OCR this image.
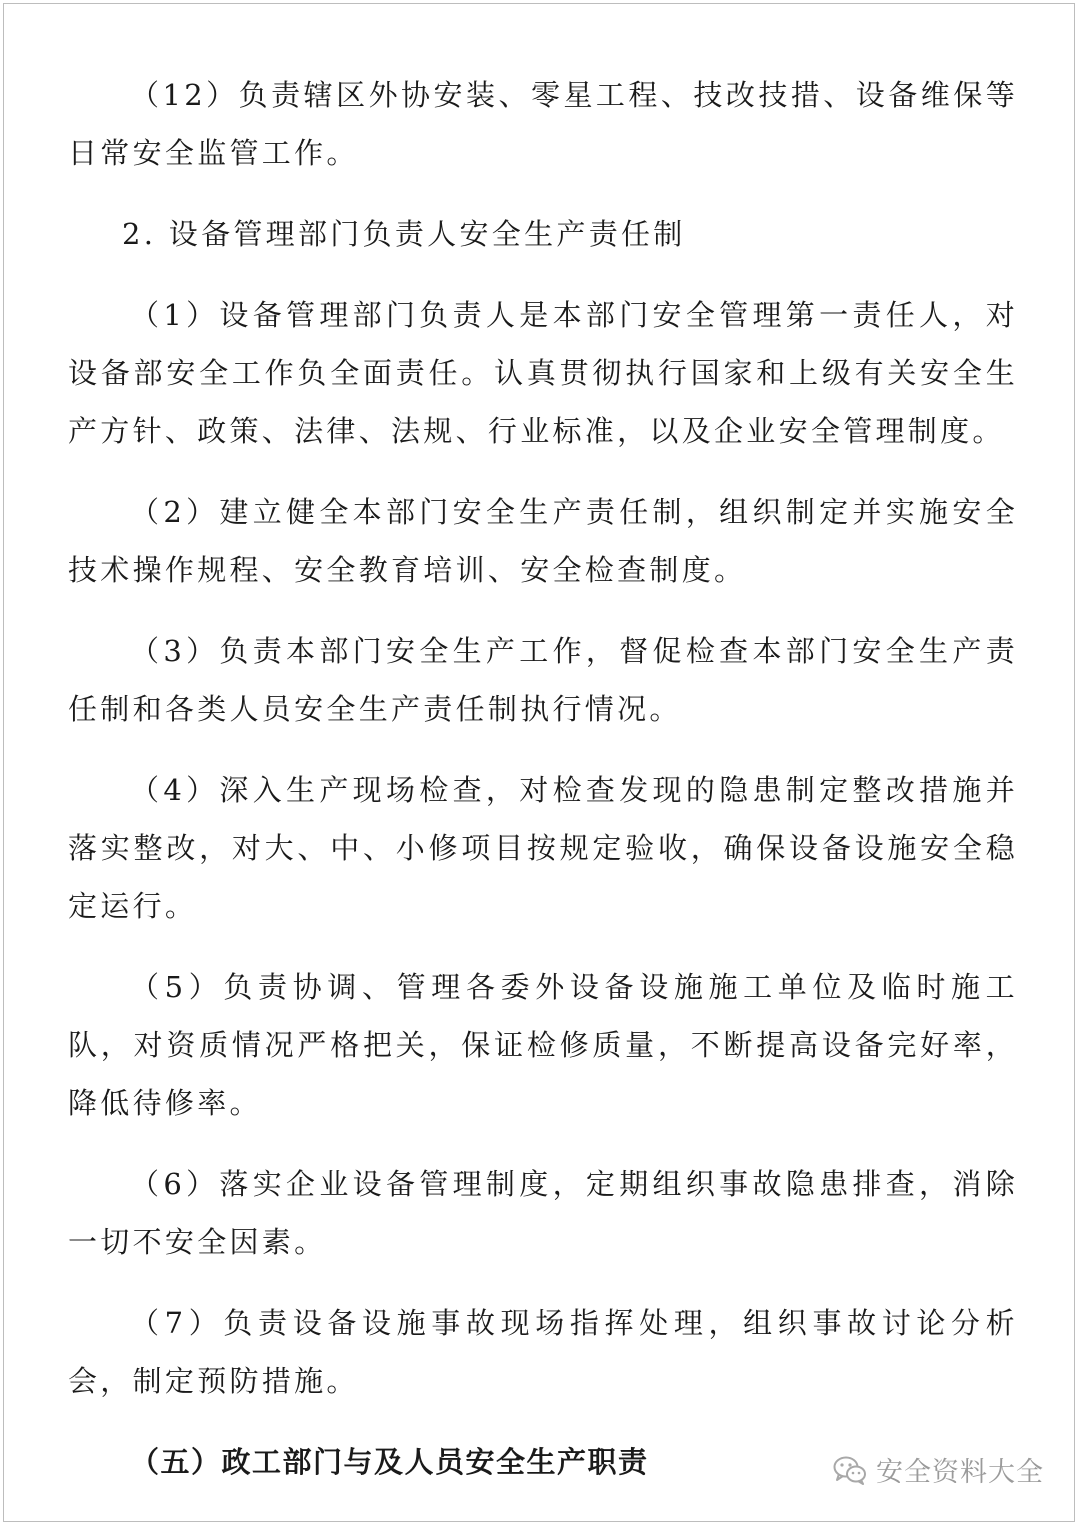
（12）负责辖区外协安装、零星工程、技改技措、设备维保等日常安全监管工作。

2. 设备管理部门负责人安全生产责任制

（1）设备管理部门负责人是本部门安全管理第一责任人，对设备部安全工作负全面责任。认真贯彻执行国家和上级有关安全生产方针、政策、法律、法规、行业标准，以及企业安全管理制度。

（2）建立健全本部门安全生产责任制，组织制定并实施安全技术操作规程、安全教育培训、安全检查制度。

（3）负责本部门安全生产工作，督促检查本部门安全生产责任制和各类人员安全生产责任制执行情况。

（4）深入生产现场检查，对检查发现的隐患制定整改措施并落实整改，对大、中、小修项目按规定验收，确保设备设施安全稳定运行。

（5）负责协调、管理各委外设备设施施工单位及临时施工队，对资质情况严格把关，保证检修质量，不断提高设备完好率，降低待修率。

（6）落实企业设备管理制度，定期组织事故隐患排查，消除一切不安全因素。

（7）负责设备设施事故现场指挥处理，组织事故讨论分析会，制定预防措施。

（五）政工部门与及人员安全生产职责	安全资料大全
